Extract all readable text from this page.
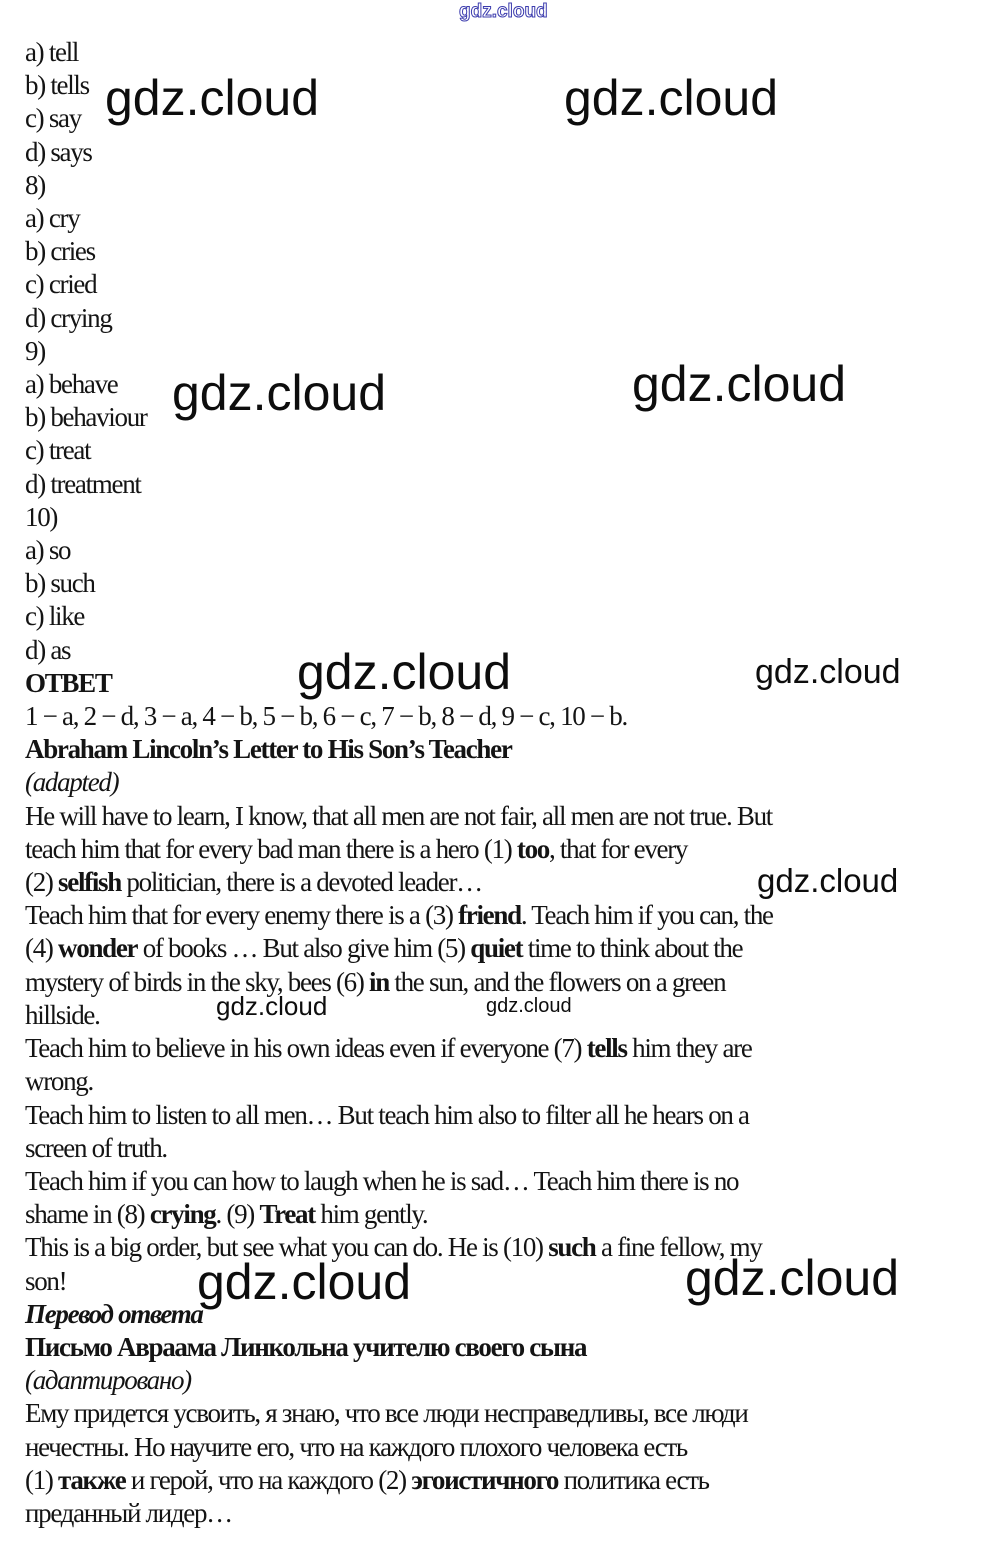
a) tell
b) tells
c) say
d) says
8)
a) cry
b) cries
c) cried
d) crying
9)
a) behave
b) behaviour
c) treat
d) treatment
10)
a) so
b) such
c) like
d) as
ОТВЕТ
1 − a, 2 − d, 3 − a, 4 − b, 5 − b, 6 − c, 7 − b, 8 − d, 9 − c, 10 − b.
Abraham Lincoln’s Letter to His Son’s Teacher
(adapted)
He will have to learn, I know, that all men are not fair, all men are not true. But
teach him that for every bad man there is a hero (1) too, that for every
(2) selfish politician, there is a devoted leader…
Teach him that for every enemy there is a (3) friend. Teach him if you can, the
(4) wonder of books … But also give him (5) quiet time to think about the
mystery of birds in the sky, bees (6) in the sun, and the flowers on a green
hillside.
Teach him to believe in his own ideas even if everyone (7) tells him they are
wrong.
Teach him to listen to all men… But teach him also to filter all he hears on a
screen of truth.
Teach him if you can how to laugh when he is sad… Teach him there is no
shame in (8) crying. (9) Treat him gently.
This is a big order, but see what you can do. He is (10) such a fine fellow, my
son!
Перевод ответа
Письмо Авраама Линкольна учителю своего сына
(адаптировано)
Ему придется усвоить, я знаю, что все люди несправедливы, все люди
нечестны. Но научите его, что на каждого плохого человека есть
(1) также и герой, что на каждого (2) эгоистичного политика есть
преданный лидер…
gdz.cloud
gdz.cloud	gdz.cloud
gdz.cloud	gdz.cloud
gdz.cloud	gdz.cloud
gdz.cloud
gdz.cloud	gdz.cloud
gdz.cloud	gdz.cloud
